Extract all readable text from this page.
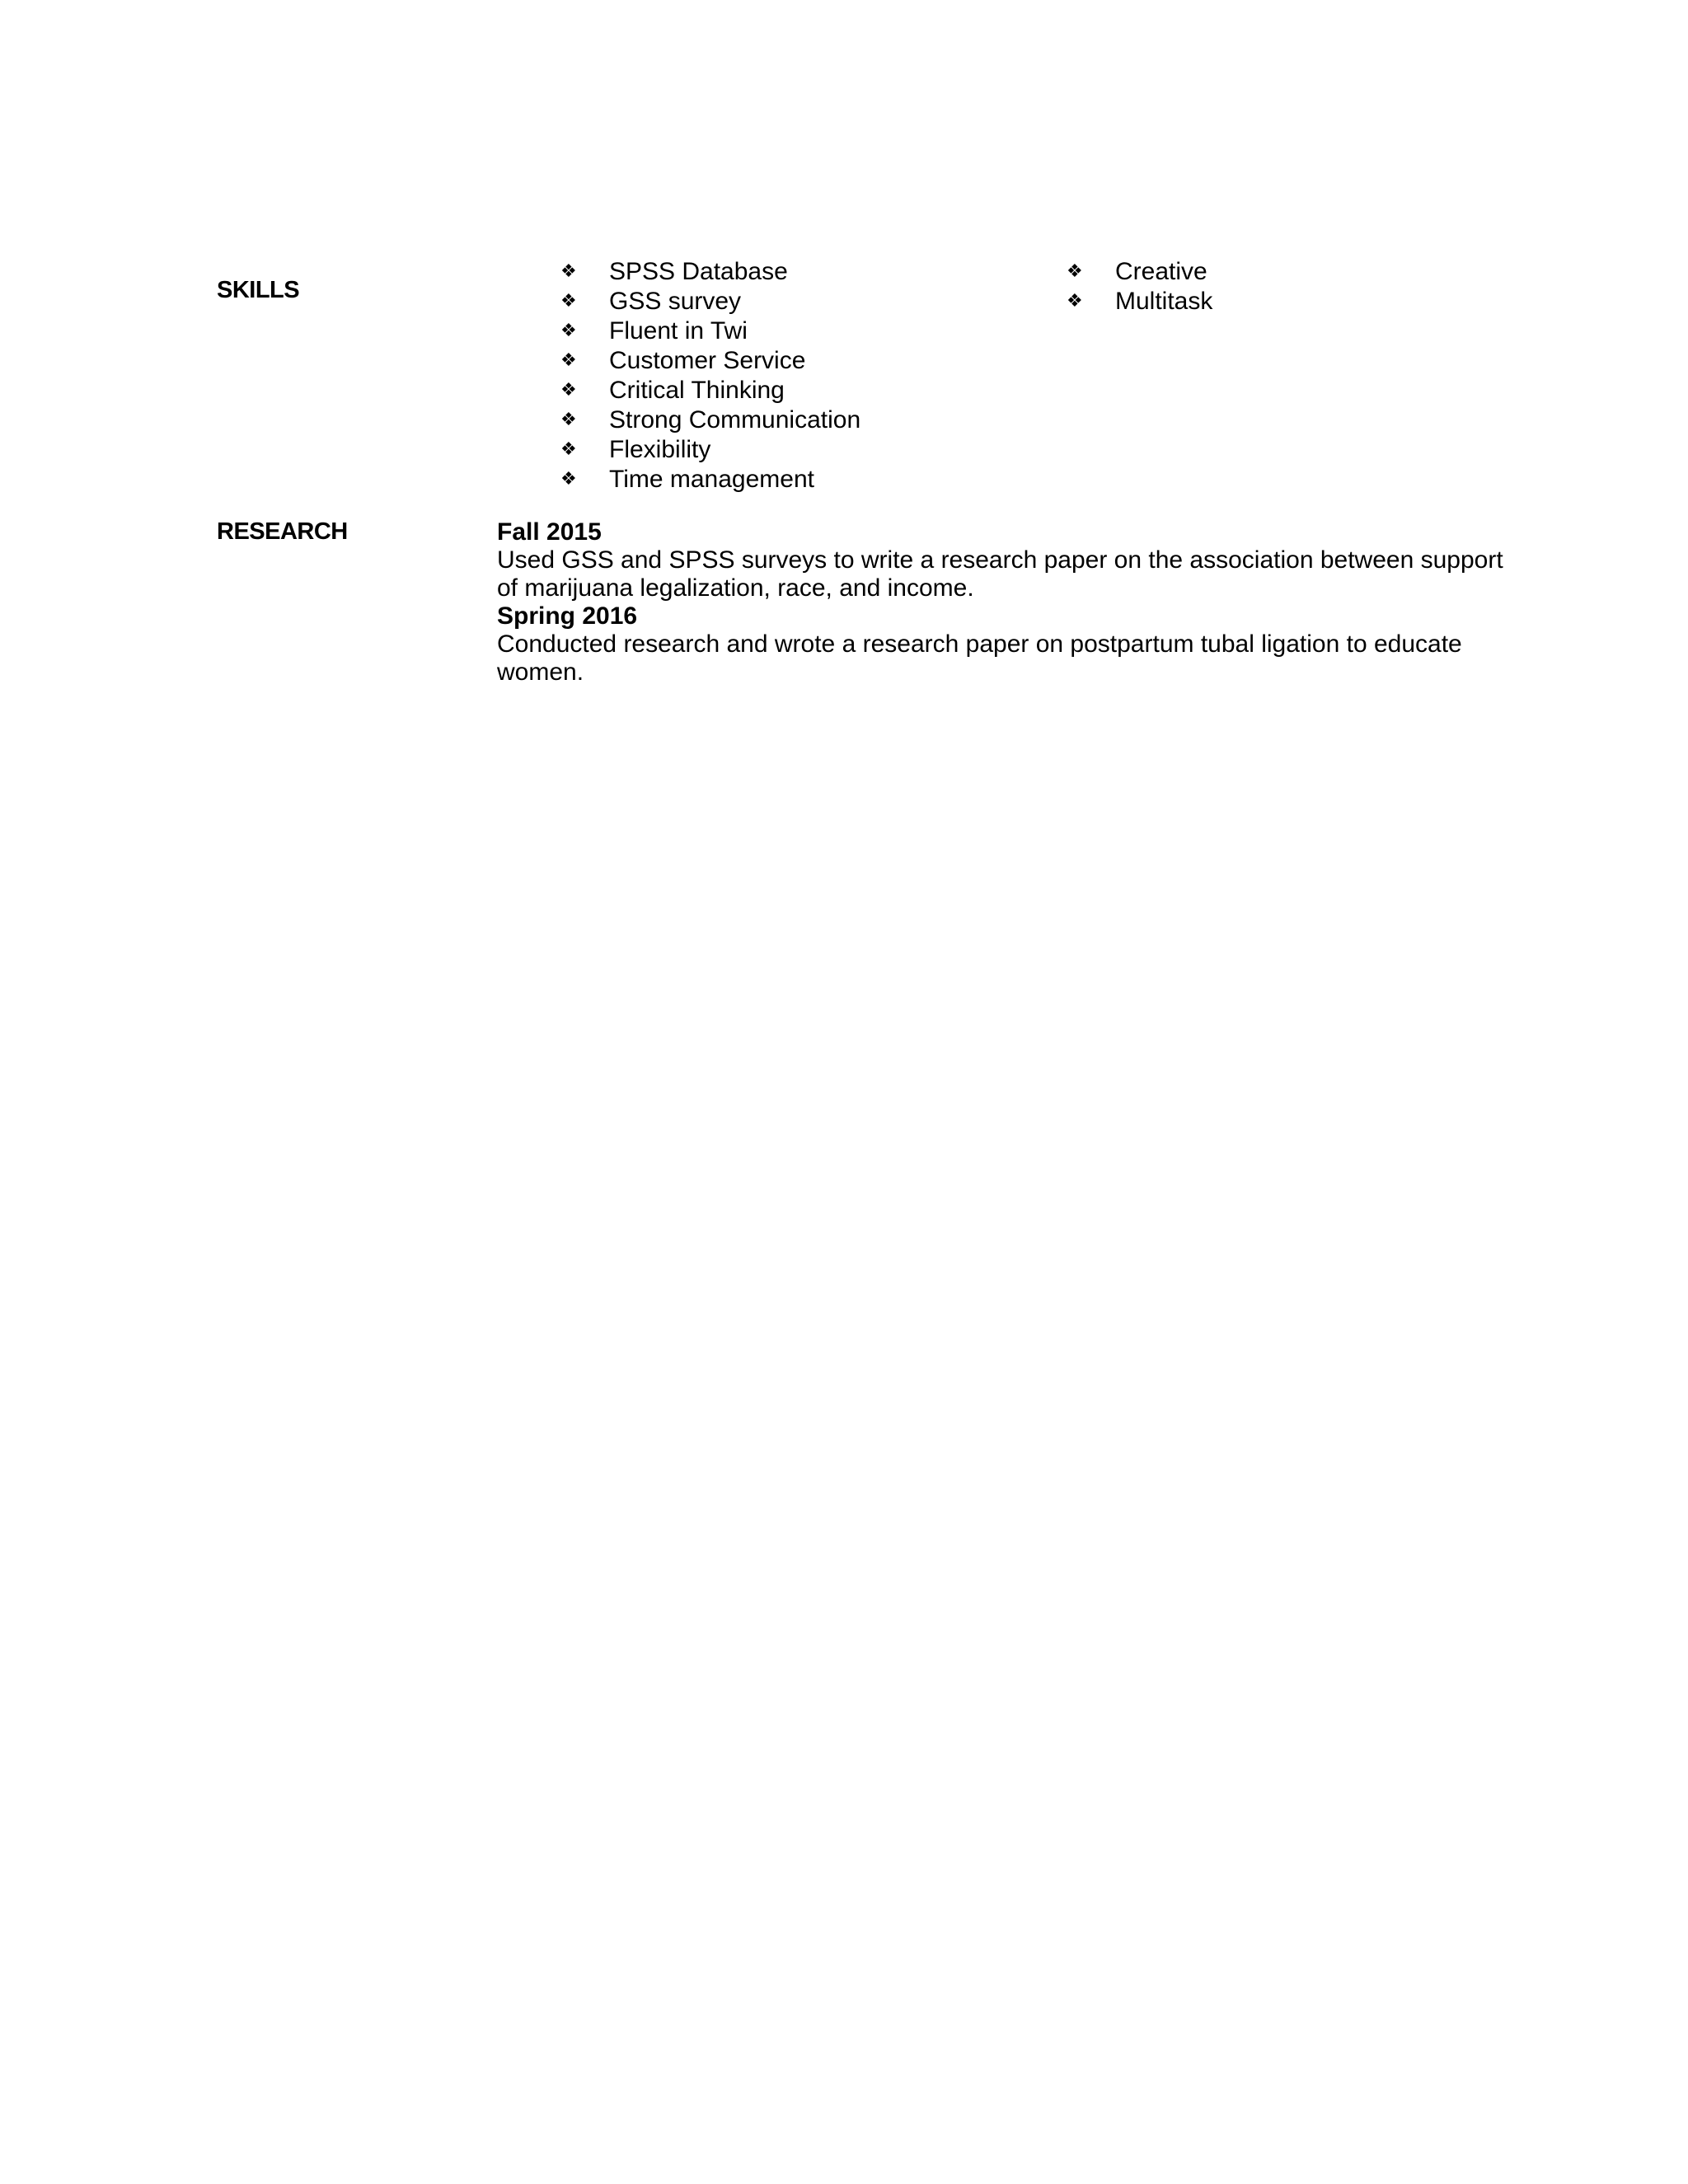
SKILLS
❖ SPSS Database
❖ GSS survey
❖ Fluent in Twi
❖ Customer Service
❖ Critical Thinking
❖ Strong Communication
❖ Flexibility
❖ Time management
❖ Creative
❖ Multitask
RESEARCH	Fall 2015

Used GSS and SPSS surveys to write a research paper on the association between support of marijuana legalization, race, and income.

Spring 2016

Conducted research and wrote a research paper on postpartum tubal ligation to educate women.
